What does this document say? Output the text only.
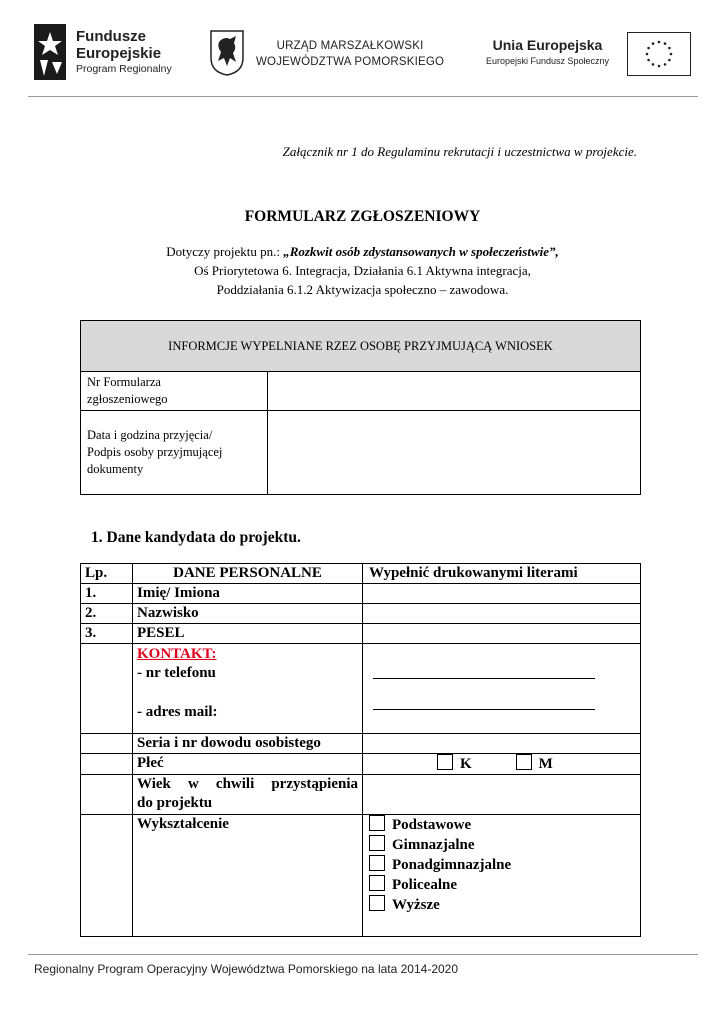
Fundusze
Europejskie
Program Regionalny
URZĄD MARSZAŁKOWSKI
WOJEWÓDZTWA POMORSKIEGO
Unia Europejska
Europejski Fundusz Społeczny
Załącznik nr 1 do Regulaminu rekrutacji i uczestnictwa w projekcie.
FORMULARZ ZGŁOSZENIOWY
Dotyczy projektu pn.: „Rozkwit osób zdystansowanych w społeczeństwie”,
Oś Priorytetowa 6. Integracja, Działania 6.1 Aktywna integracja,
Poddziałania 6.1.2 Aktywizacja społeczno – zawodowa.
INFORMCJE WYPELNIANE RZEZ OSOBĘ PRZYJMUJĄCĄ WNIOSEK	

Nr Formularza
zgłoszeniowego	

Data i godzina przyjęcia/
Podpis osoby przyjmującej
dokumenty	

1. Dane kandydata do projektu.
Lp.	DANE PERSONALNE	Wypełnić drukowanymi literami
1.	Imię/ Imiona	
2.	Nazwisko	
3.	PESEL	

	KONTAKT:
- nr telefonu
- adres mail:	

	Seria i nr dowodu osobistego	
	Płeć	K M

	Wiek w chwili przystąpienia
do projektu	

	Wykształcenie	Podstawowe
Gimnazjalne
Ponadgimnazjalne
Policealne
Wyższe
Regionalny Program Operacyjny Województwa Pomorskiego na lata 2014-2020
